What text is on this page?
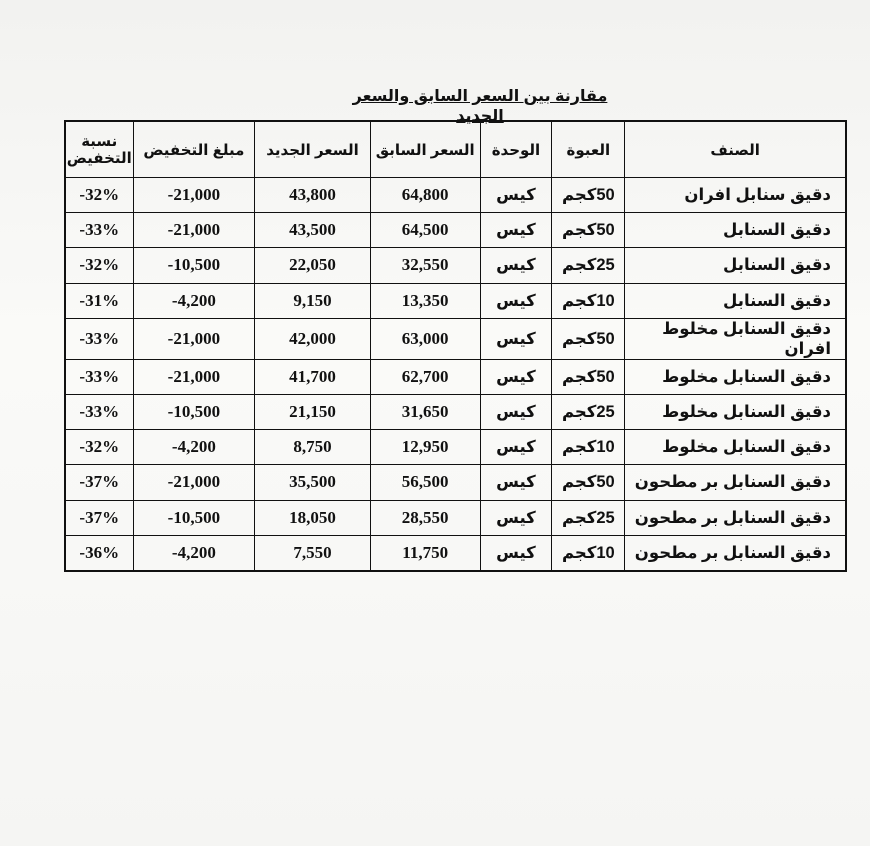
مقارنة بين السعر السابق والسعر الجديد
الصنف	العبوة	الوحدة	السعر السابق	السعر الجديد	مبلغ التخفيض	نسبة
التخفيض

دقيق سنابل افران	50كجم	كيس	64,800	43,800	-21,000	-32%
دقيق السنابل	50كجم	كيس	64,500	43,500	-21,000	-33%
دقيق السنابل	25كجم	كيس	32,550	22,050	-10,500	-32%
دقيق السنابل	10كجم	كيس	13,350	9,150	-4,200	-31%
دقيق السنابل مخلوط افران	50كجم	كيس	63,000	42,000	-21,000	-33%
دقيق السنابل مخلوط	50كجم	كيس	62,700	41,700	-21,000	-33%
دقيق السنابل مخلوط	25كجم	كيس	31,650	21,150	-10,500	-33%
دقيق السنابل مخلوط	10كجم	كيس	12,950	8,750	-4,200	-32%
دقيق السنابل بر مطحون	50كجم	كيس	56,500	35,500	-21,000	-37%
دقيق السنابل بر مطحون	25كجم	كيس	28,550	18,050	-10,500	-37%
دقيق السنابل بر مطحون	10كجم	كيس	11,750	7,550	-4,200	-36%
